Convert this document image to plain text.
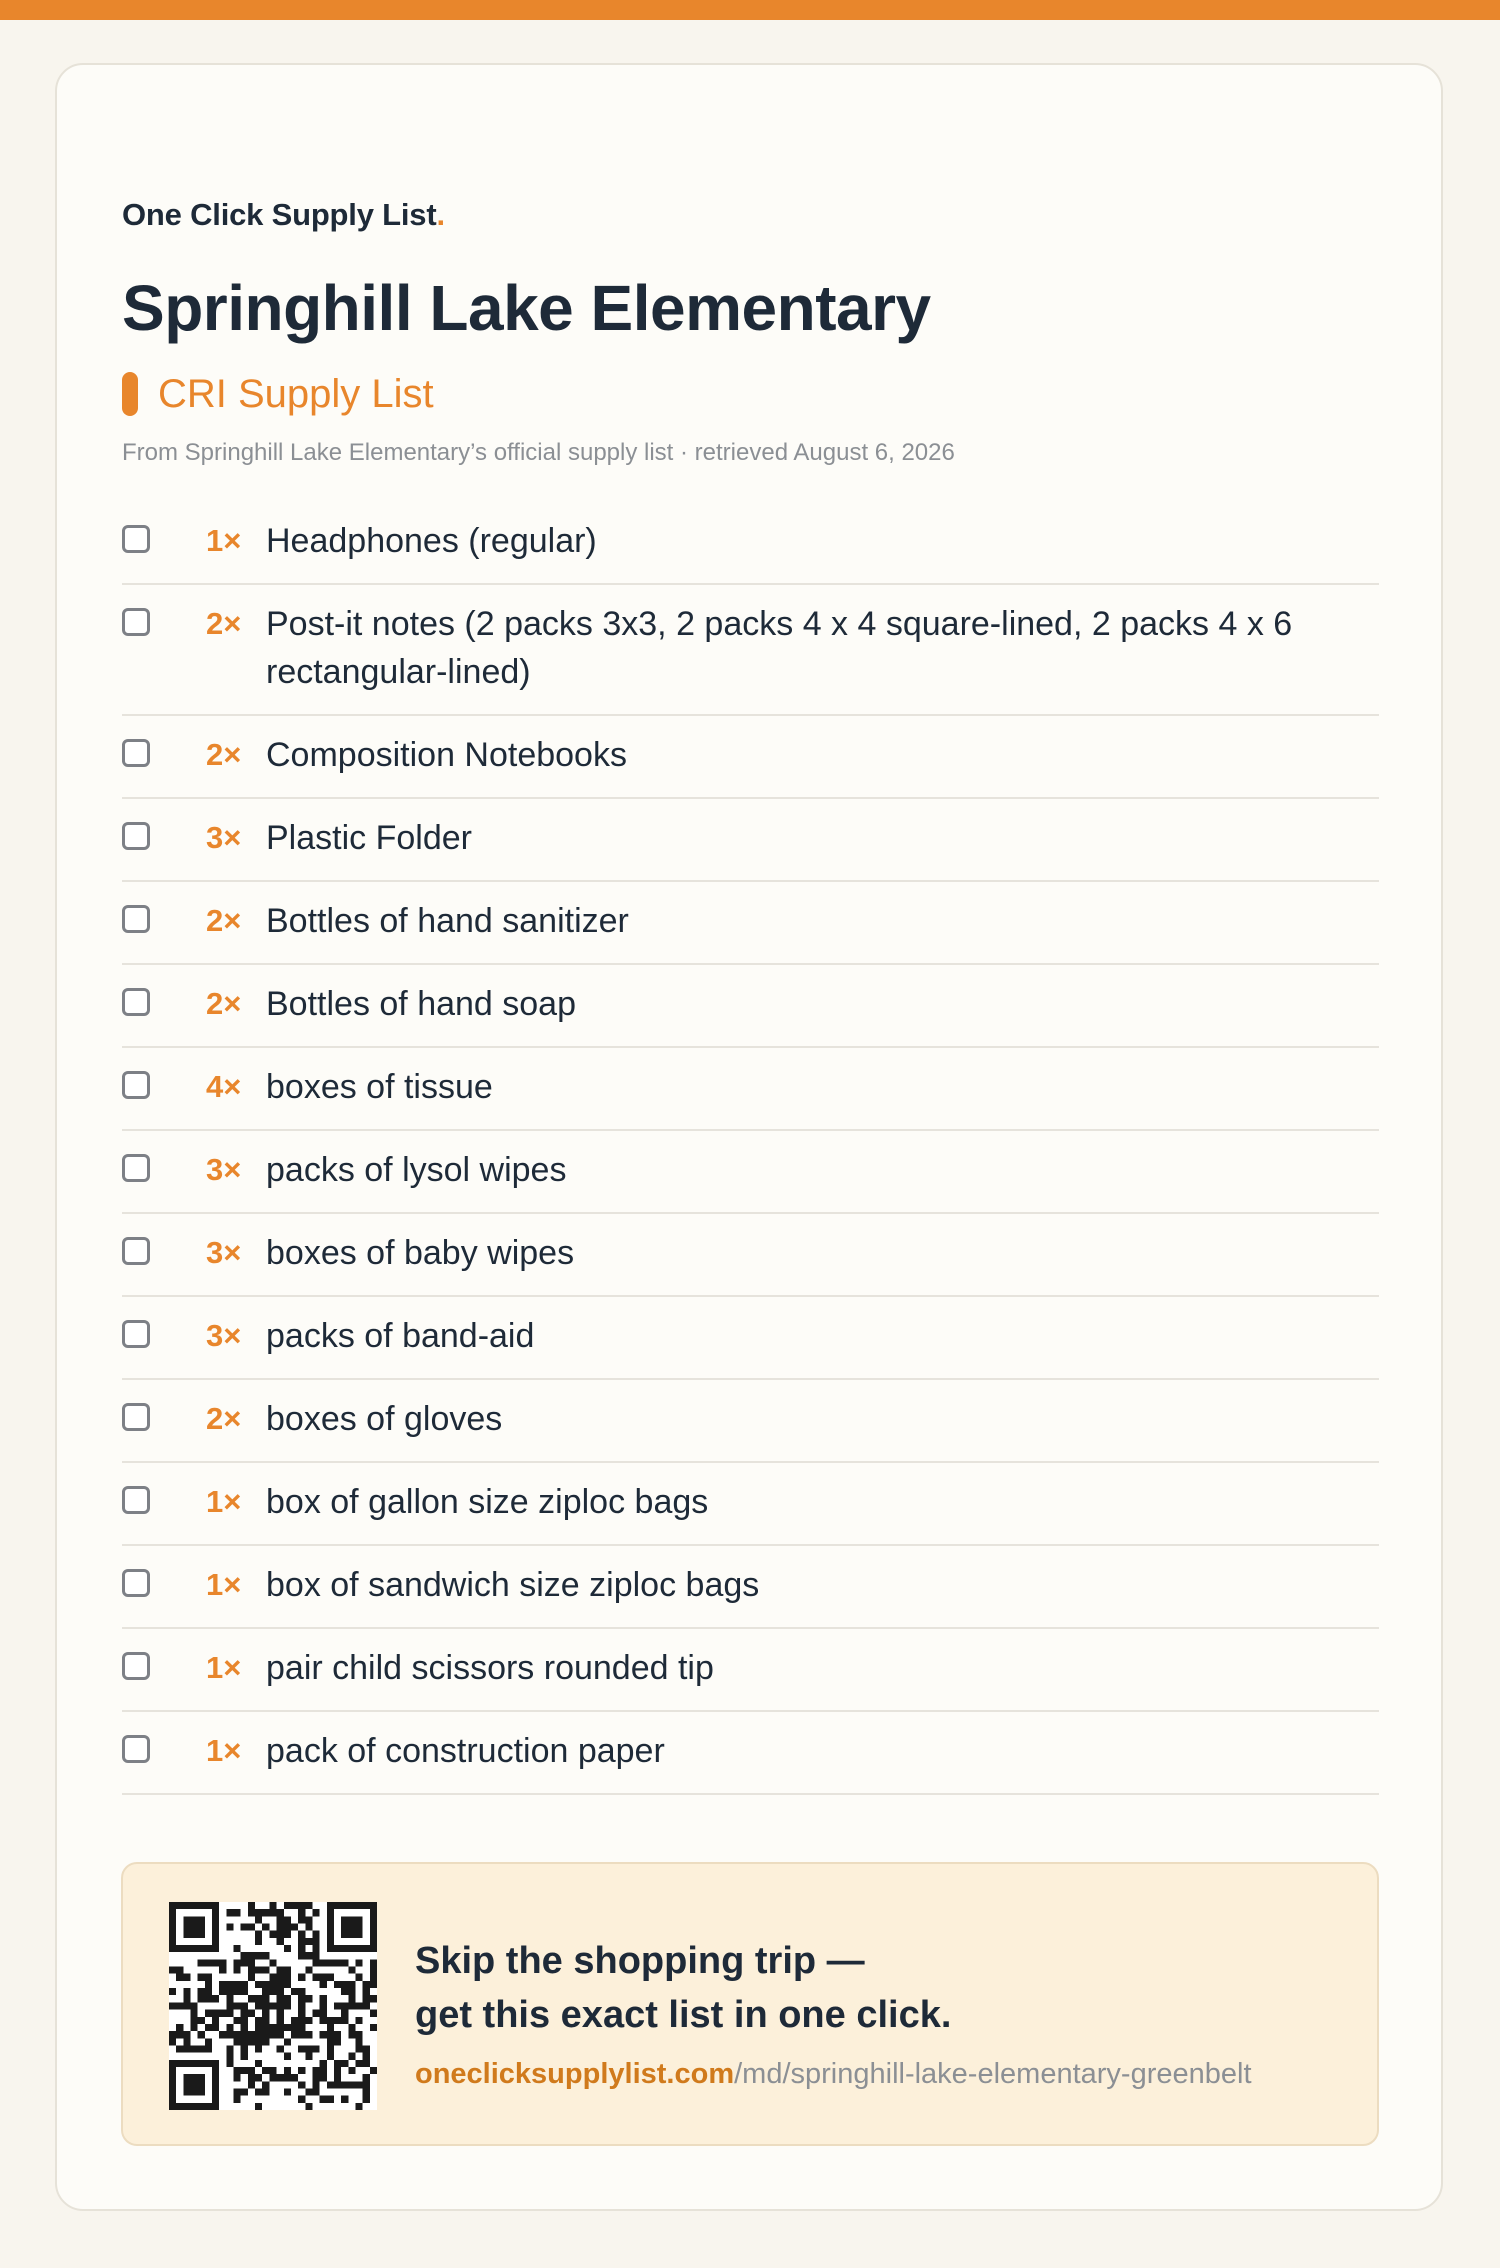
One Click Supply List.
Springhill Lake Elementary
CRI Supply List
From Springhill Lake Elementary’s official supply list · retrieved August 6, 2026
1× Headphones (regular)
2× Post-it notes (2 packs 3x3, 2 packs 4 x 4 square-lined, 2 packs 4 x 6 rectangular-lined)
2× Composition Notebooks
3× Plastic Folder
2× Bottles of hand sanitizer
2× Bottles of hand soap
4× boxes of tissue
3× packs of lysol wipes
3× boxes of baby wipes
3× packs of band-aid
2× boxes of gloves
1× box of gallon size ziploc bags
1× box of sandwich size ziploc bags
1× pair child scissors rounded tip
1× pack of construction paper
Skip the shopping trip —
get this exact list in one click.
oneclicksupplylist.com/md/springhill-lake-elementary-greenbelt
